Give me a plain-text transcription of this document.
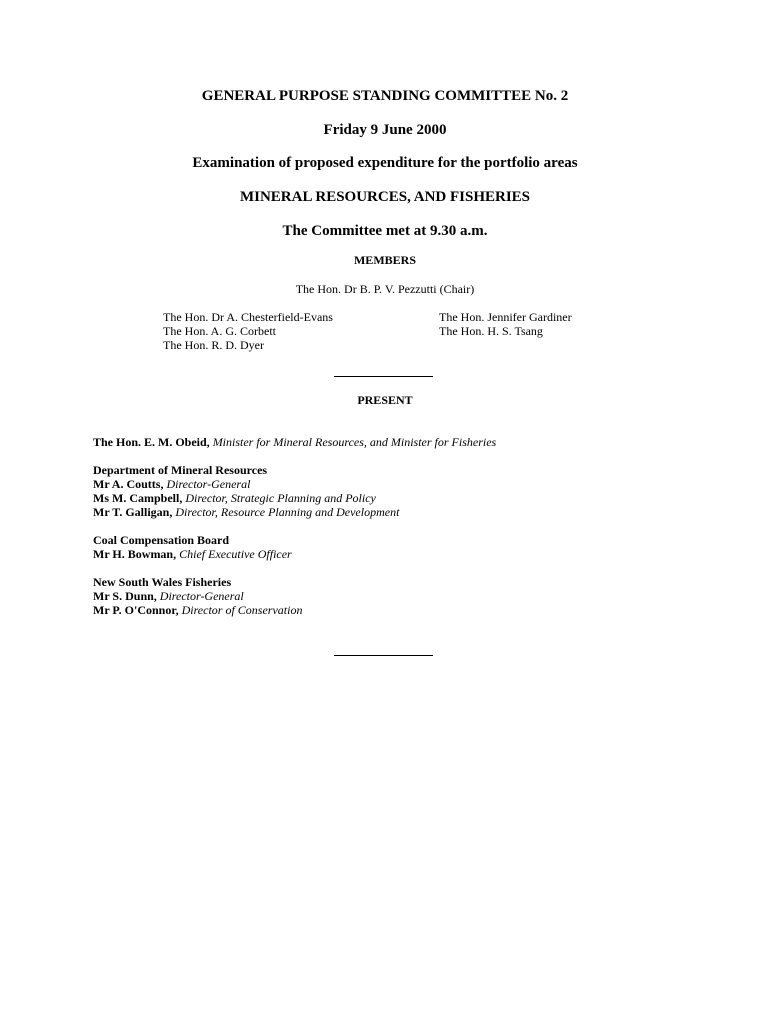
GENERAL PURPOSE STANDING COMMITTEE No. 2
Friday 9 June 2000
Examination of proposed expenditure for the portfolio areas
MINERAL RESOURCES, AND FISHERIES
The Committee met at 9.30 a.m.
MEMBERS
The Hon. Dr B. P. V. Pezzutti (Chair)
The Hon. Dr A. Chesterfield-Evans
The Hon. A. G. Corbett
The Hon. R. D. Dyer
The Hon. Jennifer Gardiner
The Hon. H. S. Tsang
PRESENT
The Hon. E. M. Obeid, Minister for Mineral Resources, and Minister for Fisheries
Department of Mineral Resources
Mr A. Coutts, Director-General
Ms M. Campbell, Director, Strategic Planning and Policy
Mr T. Galligan, Director, Resource Planning and Development
Coal Compensation Board
Mr H. Bowman, Chief Executive Officer
New South Wales Fisheries
Mr S. Dunn, Director-General
Mr P. O'Connor, Director of Conservation
